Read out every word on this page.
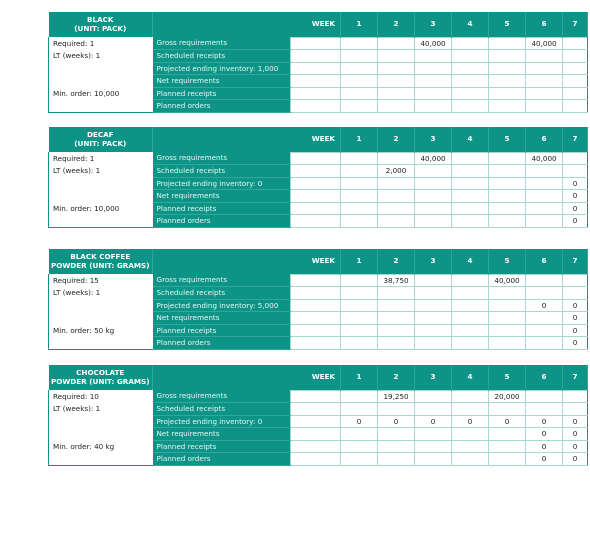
BLACK
(UNIT: PACK)	WEEK		1	2	3	4	5	6	7
Required: 1	Gross requirements				40,000			40,000	
LT (weeks): 1	Scheduled receipts								
	Projected ending inventory: 1,000								
	Net requirements								
Min. order: 10,000	Planned receipts								
	Planned orders								
DECAF
(UNIT: PACK)	WEEK		1	2	3	4	5	6	7
Required: 1	Gross requirements				40,000			40,000	
LT (weeks): 1	Scheduled receipts			2,000					
	Projected ending inventory: 0								0
	Net requirements								0
Min. order: 10,000	Planned receipts								0
	Planned orders								0
BLACK COFFEE
POWDER (UNIT: GRAMS)	WEEK		1	2	3	4	5	6	7
Required: 15	Gross requirements			38,750			40,000		
LT (weeks): 1	Scheduled receipts								
	Projected ending inventory: 5,000							0	0
	Net requirements								0
Min. order: 50 kg	Planned receipts								0
	Planned orders								0
CHOCOLATE
POWDER (UNIT: GRAMS)	WEEK		1	2	3	4	5	6	7
Required: 10	Gross requirements			19,250			20,000		
LT (weeks): 1	Scheduled receipts								
	Projected ending inventory: 0		0	0	0	0	0	0	0
	Net requirements							0	0
Min. order: 40 kg	Planned receipts							0	0
	Planned orders							0	0
